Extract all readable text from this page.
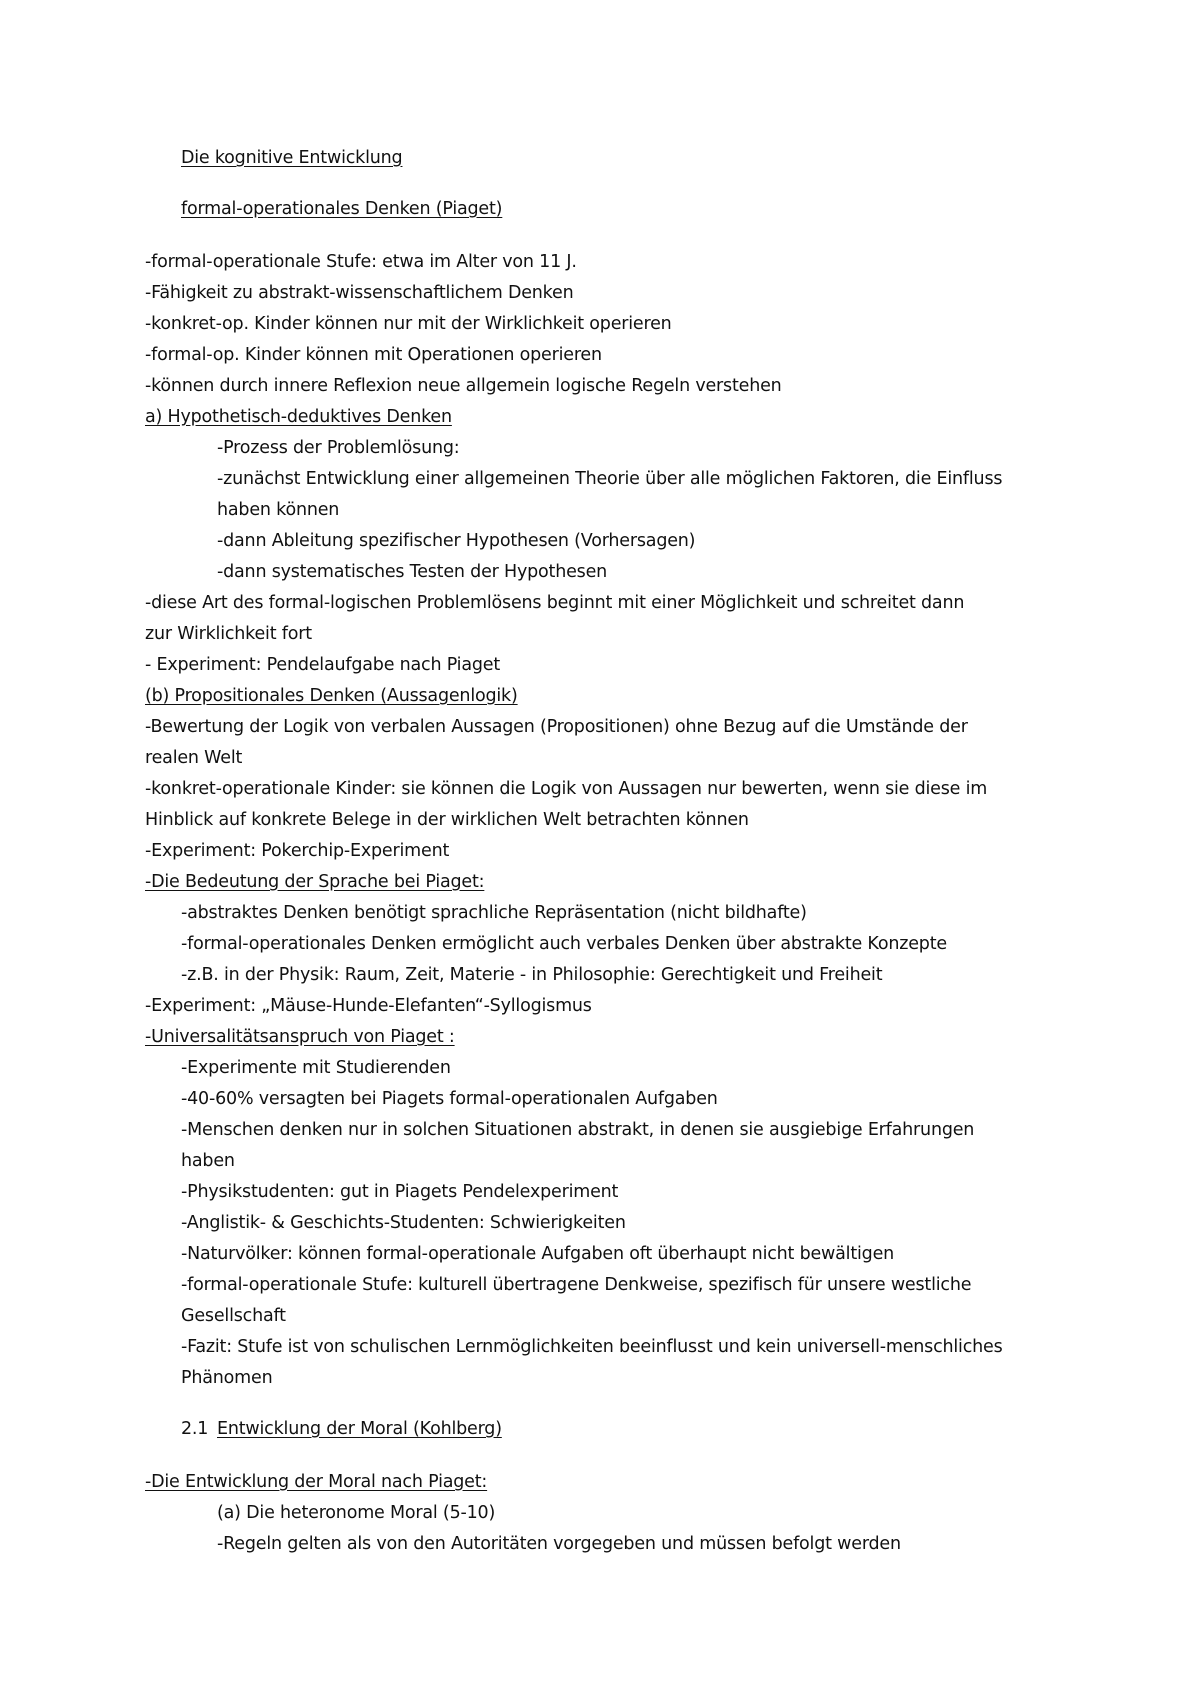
Die kognitive Entwicklung
formal-operationales Denken (Piaget)
-formal-operationale Stufe: etwa im Alter von 11 J.
-Fähigkeit zu abstrakt-wissenschaftlichem Denken
-konkret-op. Kinder können nur mit der Wirklichkeit operieren
-formal-op. Kinder können mit Operationen operieren
-können durch innere Reflexion neue allgemein logische Regeln verstehen
a) Hypothetisch-deduktives Denken
-Prozess der Problemlösung:
-zunächst Entwicklung einer allgemeinen Theorie über alle möglichen Faktoren, die Einfluss
haben können
-dann Ableitung spezifischer Hypothesen (Vorhersagen)
-dann systematisches Testen der Hypothesen
-diese Art des formal-logischen Problemlösens beginnt mit einer Möglichkeit und schreitet dann
zur Wirklichkeit fort
- Experiment: Pendelaufgabe nach Piaget
(b) Propositionales Denken (Aussagenlogik)
-Bewertung der Logik von verbalen Aussagen (Propositionen) ohne Bezug auf die Umstände der
realen Welt
-konkret-operationale Kinder: sie können die Logik von Aussagen nur bewerten, wenn sie diese im
Hinblick auf konkrete Belege in der wirklichen Welt betrachten können
-Experiment: Pokerchip-Experiment
-Die Bedeutung der Sprache bei Piaget:
-abstraktes Denken benötigt sprachliche Repräsentation (nicht bildhafte)
-formal-operationales Denken ermöglicht auch verbales Denken über abstrakte Konzepte
-z.B. in der Physik: Raum, Zeit, Materie - in Philosophie: Gerechtigkeit und Freiheit
-Experiment: „Mäuse-Hunde-Elefanten“-Syllogismus
-Universalitätsanspruch von Piaget :
-Experimente mit Studierenden
-40-60% versagten bei Piagets formal-operationalen Aufgaben
-Menschen denken nur in solchen Situationen abstrakt, in denen sie ausgiebige Erfahrungen
haben
-Physikstudenten: gut in Piagets Pendelexperiment
-Anglistik- & Geschichts-Studenten: Schwierigkeiten
-Naturvölker: können formal-operationale Aufgaben oft überhaupt nicht bewältigen
-formal-operationale Stufe: kulturell übertragene Denkweise, spezifisch für unsere westliche
Gesellschaft
-Fazit: Stufe ist von schulischen Lernmöglichkeiten beeinflusst und kein universell-menschliches
Phänomen
2.1 Entwicklung der Moral (Kohlberg)
-Die Entwicklung der Moral nach Piaget:
(a) Die heteronome Moral (5-10)
-Regeln gelten als von den Autoritäten vorgegeben und müssen befolgt werden
